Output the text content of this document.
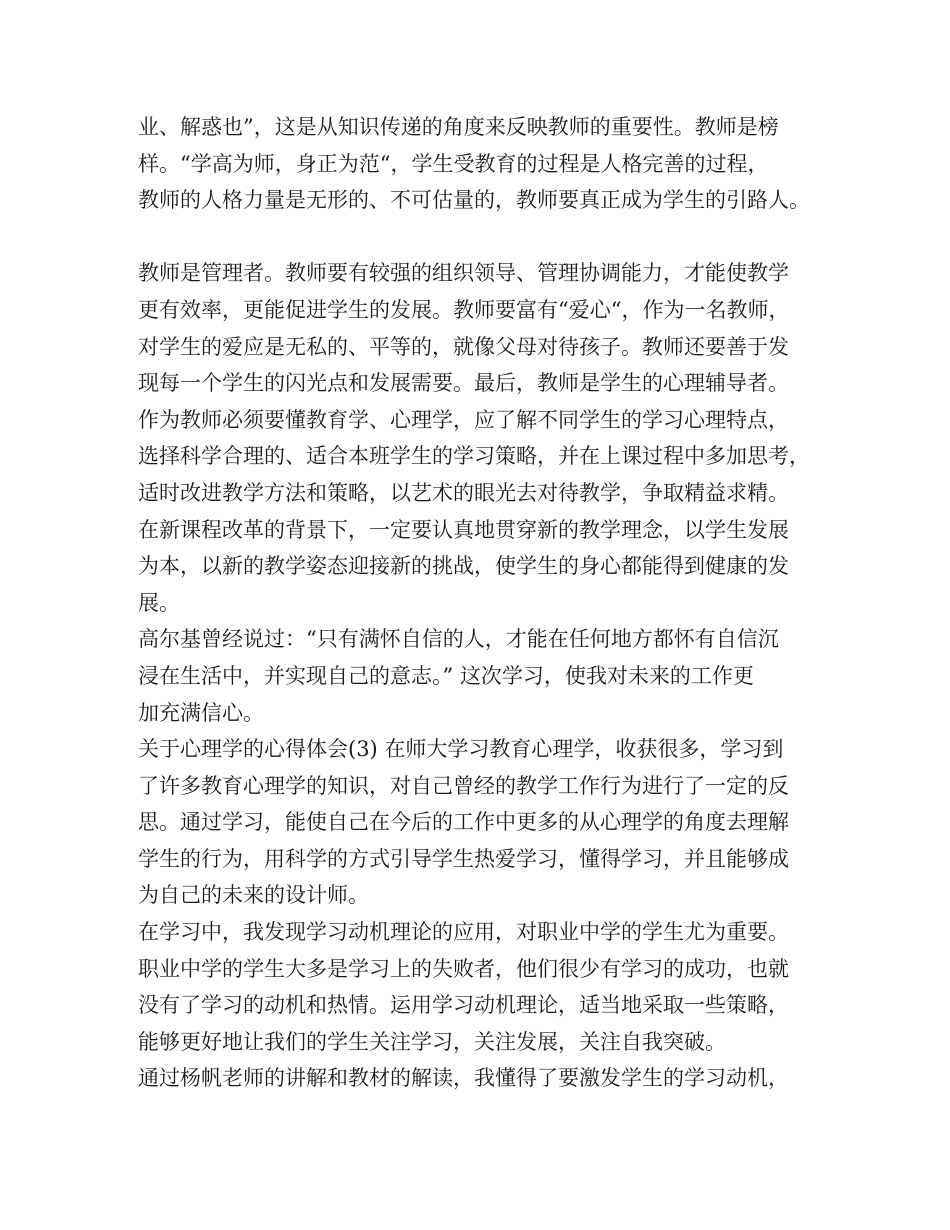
业、解惑也”，这是从知识传递的角度来反映教师的重要性。教师是榜
样。“学高为师，身正为范“，学生受教育的过程是人格完善的过程，
教师的人格力量是无形的、不可估量的，教师要真正成为学生的引路人。
教师是管理者。教师要有较强的组织领导、管理协调能力，才能使教学
更有效率，更能促进学生的发展。教师要富有“爱心“，作为一名教师，
对学生的爱应是无私的、平等的，就像父母对待孩子。教师还要善于发
现每一个学生的闪光点和发展需要。最后，教师是学生的心理辅导者。
作为教师必须要懂教育学、心理学，应了解不同学生的学习心理特点，
选择科学合理的、适合本班学生的学习策略，并在上课过程中多加思考，
适时改进教学方法和策略，以艺术的眼光去对待教学，争取精益求精。
在新课程改革的背景下，一定要认真地贯穿新的教学理念，以学生发展
为本，以新的教学姿态迎接新的挑战，使学生的身心都能得到健康的发
展。
高尔基曾经说过：“只有满怀自信的人，才能在任何地方都怀有自信沉
浸在生活中，并实现自己的意志。” 这次学习，使我对未来的工作更
加充满信心。
关于心理学的心得体会(3) 在师大学习教育心理学，收获很多，学习到
了许多教育心理学的知识，对自己曾经的教学工作行为进行了一定的反
思。通过学习，能使自己在今后的工作中更多的从心理学的角度去理解
学生的行为，用科学的方式引导学生热爱学习，懂得学习，并且能够成
为自己的未来的设计师。
在学习中，我发现学习动机理论的应用，对职业中学的学生尤为重要。
职业中学的学生大多是学习上的失败者，他们很少有学习的成功，也就
没有了学习的动机和热情。运用学习动机理论，适当地采取一些策略，
能够更好地让我们的学生关注学习，关注发展，关注自我突破。
通过杨帆老师的讲解和教材的解读，我懂得了要激发学生的学习动机，
